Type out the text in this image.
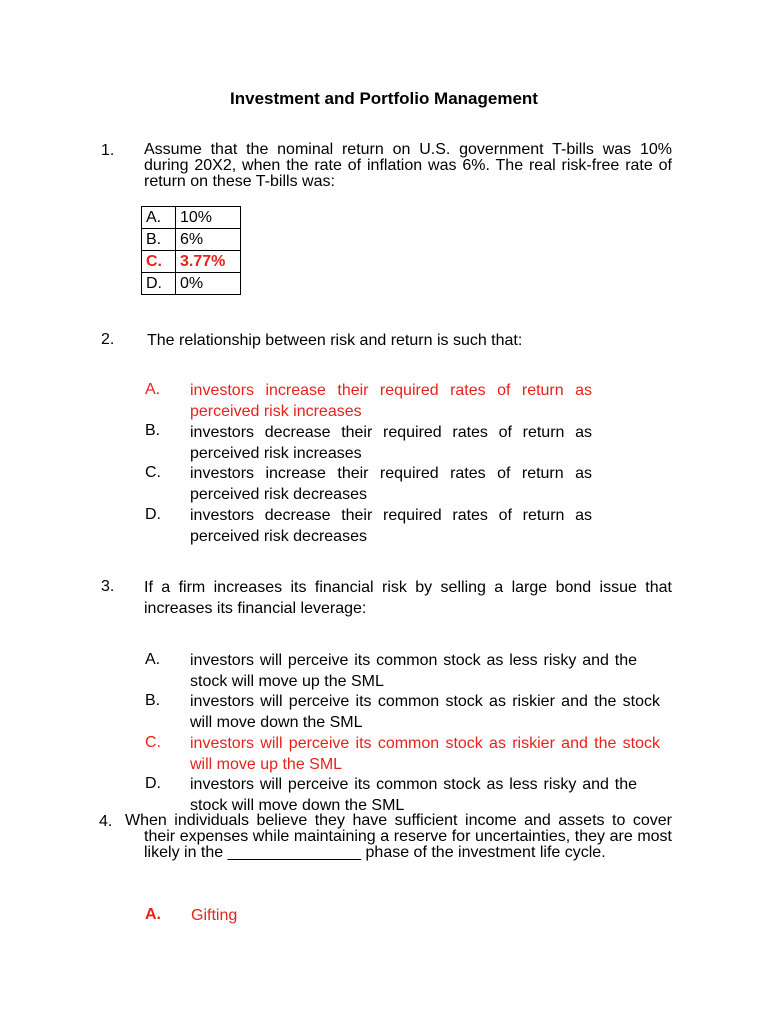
Investment and Portfolio Management
1. Assume that the nominal return on U.S. government T-bills was 10% during 20X2, when the rate of inflation was 6%. The real risk-free rate of return on these T-bills was:
A.	10%
B.	6%
C.	3.77%
D.	0%
2. The relationship between risk and return is such that:
A. investors increase their required rates of return as perceived risk increases
B. investors decrease their required rates of return as perceived risk increases
C. investors increase their required rates of return as perceived risk decreases
D. investors decrease their required rates of return as perceived risk decreases
3. If a firm increases its financial risk by selling a large bond issue that increases its financial leverage:
A. investors will perceive its common stock as less risky and the stock will move up the SML
B. investors will perceive its common stock as riskier and the stock will move down the SML
C. investors will perceive its common stock as riskier and the stock will move up the SML
D. investors will perceive its common stock as less risky and the stock will move down the SML
4. When individuals believe they have sufficient income and assets to cover their expenses while maintaining a reserve for uncertainties, they are most likely in the _______________ phase of the investment life cycle.
A. Gifting
